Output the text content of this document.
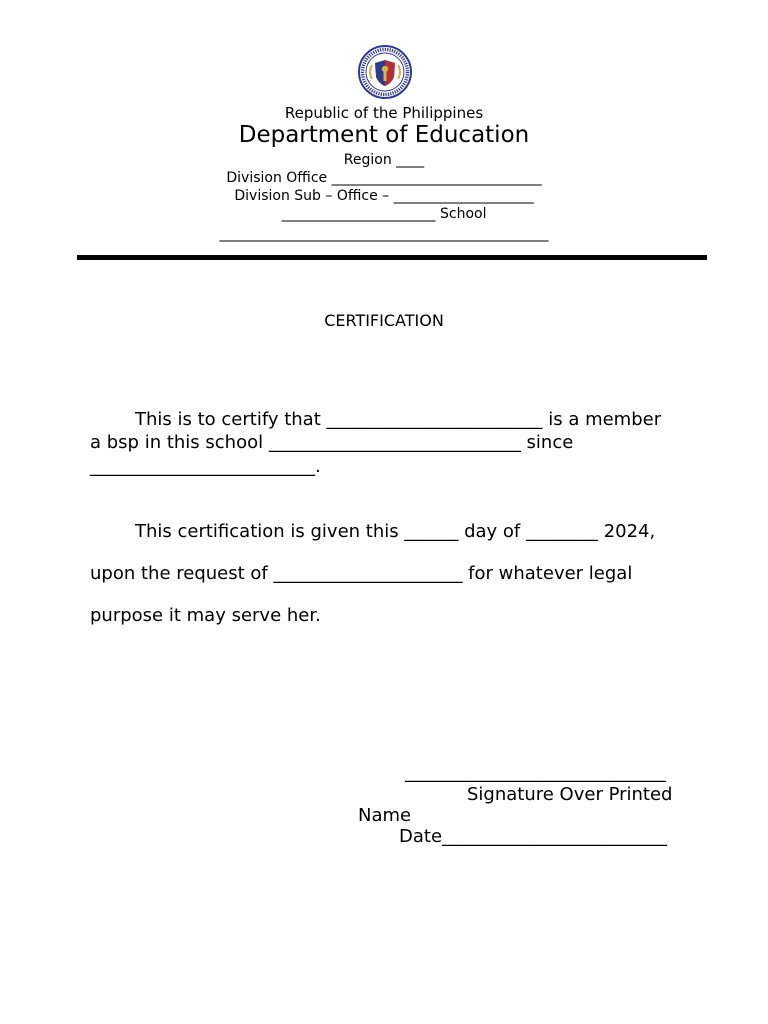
Republic of the Philippines
Department of Education
Region ____
Division Office ______________________________
Division Sub – Office – ____________________
______________________ School
_______________________________________________
CERTIFICATION
This is to certify that ________________________ is a member
a bsp in this school ____________________________ since
_________________________.
This certification is given this ______ day of ________ 2024,
upon the request of _____________________ for whatever legal
purpose it may serve her.
_____________________________
Signature Over Printed
Name
Date_________________________
